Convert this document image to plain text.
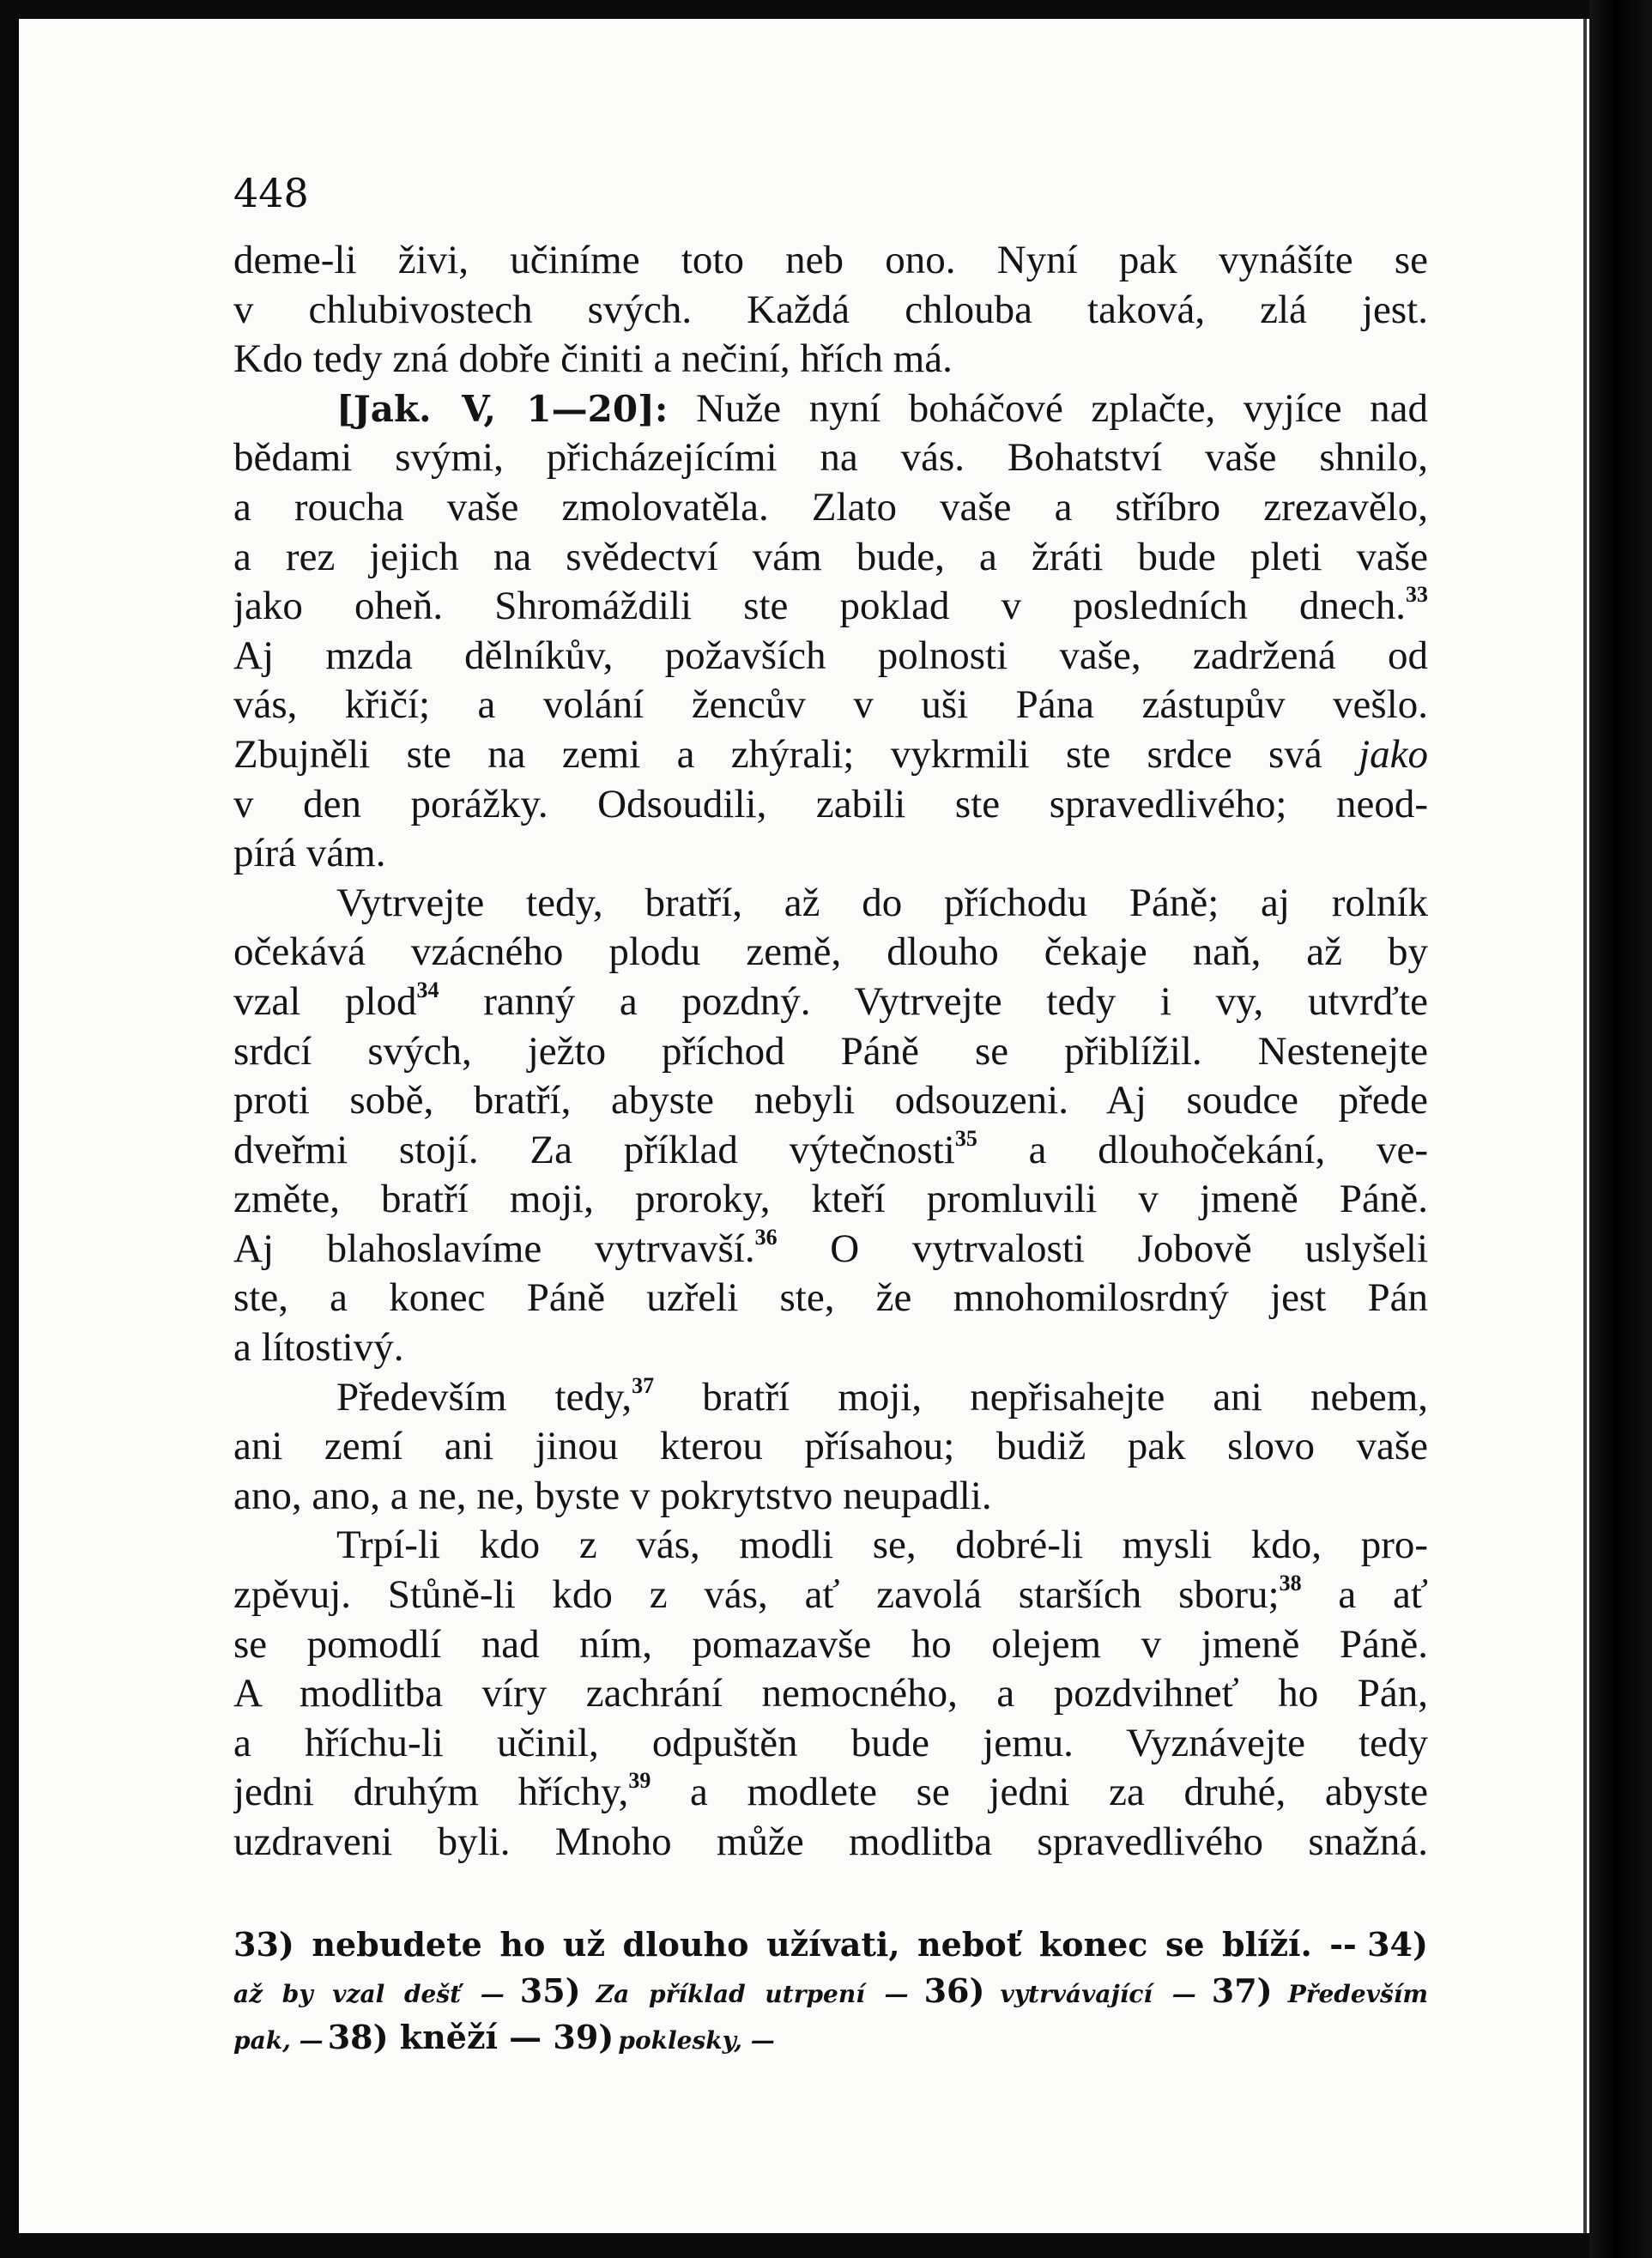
448
deme-li živi, učiníme toto neb ono. Nyní pak vynášíte se
v chlubivostech svých. Každá chlouba taková, zlá jest.
Kdo tedy zná dobře činiti a nečiní, hřích má.
[Jak. V, 1—20]: Nuže nyní boháčové zplačte, vyjíce nad
bědami svými, přicházejícími na vás. Bohatství vaše shnilo,
a roucha vaše zmolovatěla. Zlato vaše a stříbro zrezavělo,
a rez jejich na svědectví vám bude, a žráti bude pleti vaše
jako oheň. Shromáždili ste poklad v posledních dnech.$^{33}$
Aj mzda dělníkův, požavších polnosti vaše, zadržená od
vás, křičí; a volání žencův v uši Pána zástupův vešlo.
Zbujněli ste na zemi a zhýrali; vykrmili ste srdce svá jako
v den porážky. Odsoudili, zabili ste spravedlivého; neod-
pírá vám.
Vytrvejte tedy, bratří, až do příchodu Páně; aj rolník
očekává vzácného plodu země, dlouho čekaje naň, až by
vzal plod$^{34}$ ranný a pozdný. Vytrvejte tedy i vy, utvrďte
srdcí svých, ježto příchod Páně se přiblížil. Nestenejte
proti sobě, bratří, abyste nebyli odsouzeni. Aj soudce přede
dveřmi stojí. Za příklad výtečnosti$^{35}$ a dlouhočekání, ve-
změte, bratří moji, proroky, kteří promluvili v jmeně Páně.
Aj blahoslavíme vytrvavší.$^{36}$ O vytrvalosti Jobově uslyšeli
ste, a konec Páně uzřeli ste, že mnohomilosrdný jest Pán
a lítostivý.
Především tedy,$^{37}$ bratří moji, nepřisahejte ani nebem,
ani zemí ani jinou kterou přísahou; budiž pak slovo vaše
ano, ano, a ne, ne, byste v pokrytstvo neupadli.
Trpí-li kdo z vás, modli se, dobré-li mysli kdo, pro-
zpěvuj. Stůně-li kdo z vás, ať zavolá starších sboru;$^{38}$ a ať
se pomodlí nad ním, pomazavše ho olejem v jmeně Páně.
A modlitba víry zachrání nemocného, a pozdvihneť ho Pán,
a hříchu-li učinil, odpuštěn bude jemu. Vyznávejte tedy
jedni druhým hříchy,$^{39}$ a modlete se jedni za druhé, abyste
uzdraveni byli. Mnoho může modlitba spravedlivého snažná.
33) nebudete ho už dlouho užívati, neboť konec se blíží. -- 34)
až by vzal dešť — 35) Za příklad utrpení — 36) vytrvávající — 37) Především
pak, — 38) kněží — 39) poklesky, —
